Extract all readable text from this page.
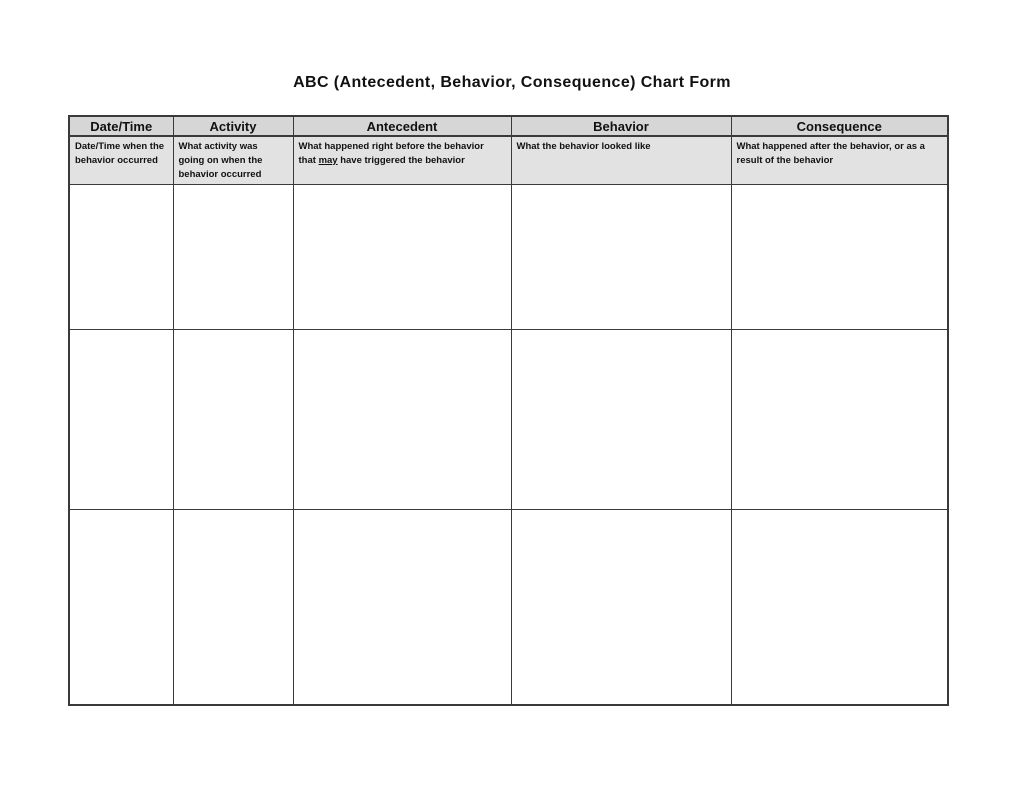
ABC (Antecedent, Behavior, Consequence) Chart Form
Date/Time	Activity	Antecedent	Behavior	Consequence
Date/Time when the behavior occurred	What activity was going on when the behavior occurred	What happened right before the behavior that may have triggered the behavior	What the behavior looked like	What happened after the behavior, or as a result of the behavior
